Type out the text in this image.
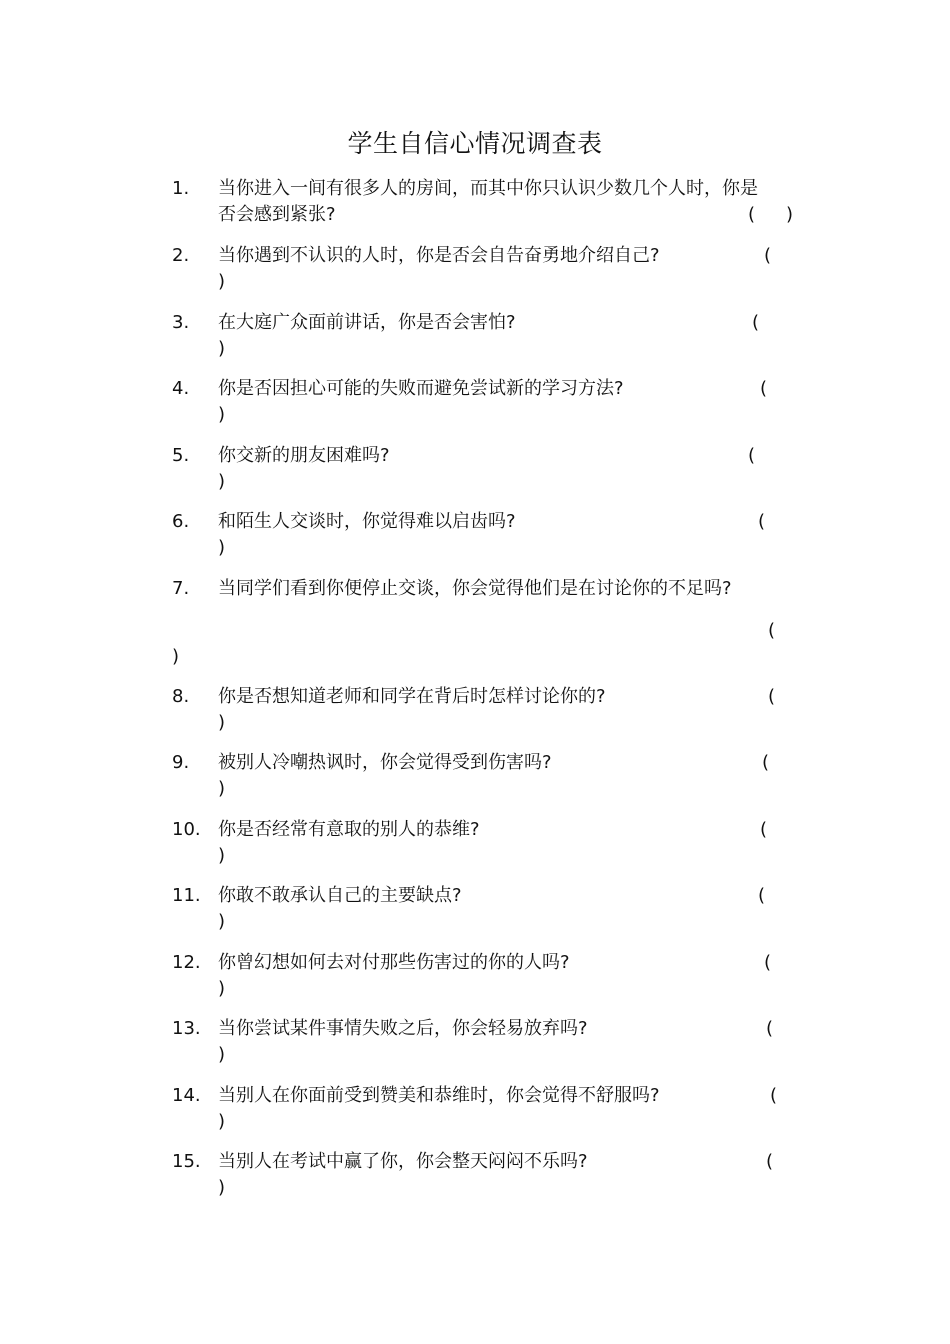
学生自信心情况调查表
1. 当你进入一间有很多人的房间，而其中你只认识少数几个人时，你是
否会感到紧张?	( )
2. 当你遇到不认识的人时，你是否会自告奋勇地介绍自己?	(
)
3. 在大庭广众面前讲话，你是否会害怕?	(
)
4. 你是否因担心可能的失败而避免尝试新的学习方法?	(
)
5. 你交新的朋友困难吗?	(
)
6. 和陌生人交谈时，你觉得难以启齿吗?	(
)
7. 当同学们看到你便停止交谈，你会觉得他们是在讨论你的不足吗?
(
)
8. 你是否想知道老师和同学在背后时怎样讨论你的?	(
)
9. 被别人冷嘲热讽时，你会觉得受到伤害吗?	(
)
10. 你是否经常有意取的别人的恭维?	(
)
11. 你敢不敢承认自己的主要缺点?	(
)
12. 你曾幻想如何去对付那些伤害过的你的人吗?	(
)
13. 当你尝试某件事情失败之后，你会轻易放弃吗?	(
)
14. 当别人在你面前受到赞美和恭维时，你会觉得不舒服吗?	(
)
15. 当别人在考试中赢了你，你会整天闷闷不乐吗?	(
)
